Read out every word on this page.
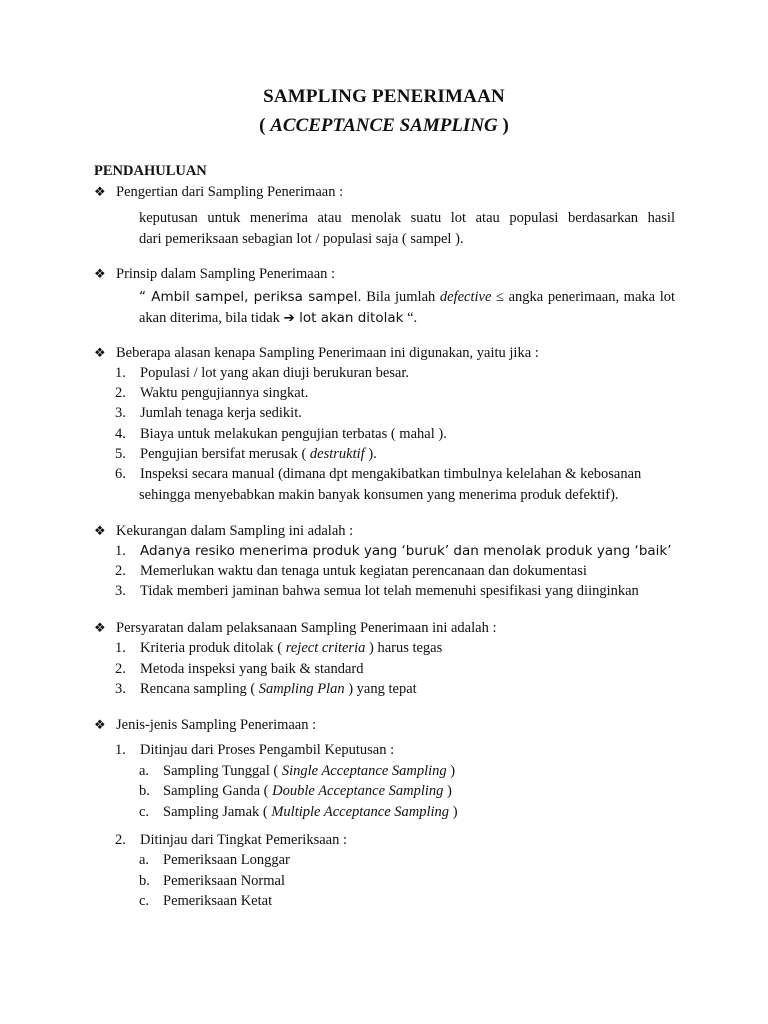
SAMPLING PENERIMAAN
( ACCEPTANCE SAMPLING )
PENDAHULUAN
❖ Pengertian dari Sampling Penerimaan :
keputusan untuk menerima atau menolak suatu lot atau populasi berdasarkan hasil
dari pemeriksaan sebagian lot / populasi saja ( sampel ).
❖ Prinsip dalam Sampling Penerimaan :
“ Ambil sampel, periksa sampel. Bila jumlah defective ≤ angka penerimaan, maka lot
akan diterima, bila tidak ➔ lot akan ditolak “.
❖ Beberapa alasan kenapa Sampling Penerimaan ini digunakan, yaitu jika :
1. Populasi / lot yang akan diuji berukuran besar.
2. Waktu pengujiannya singkat.
3. Jumlah tenaga kerja sedikit.
4. Biaya untuk melakukan pengujian terbatas ( mahal ).
5. Pengujian bersifat merusak ( destruktif ).
6. Inspeksi secara manual (dimana dpt mengakibatkan timbulnya kelelahan & kebosanan
sehingga menyebabkan makin banyak konsumen yang menerima produk defektif).
❖ Kekurangan dalam Sampling ini adalah :
1. Adanya resiko menerima produk yang ‘buruk’ dan menolak produk yang ‘baik’
2. Memerlukan waktu dan tenaga untuk kegiatan perencanaan dan dokumentasi
3. Tidak memberi jaminan bahwa semua lot telah memenuhi spesifikasi yang diinginkan
❖ Persyaratan dalam pelaksanaan Sampling Penerimaan ini adalah :
1. Kriteria produk ditolak ( reject criteria ) harus tegas
2. Metoda inspeksi yang baik & standard
3. Rencana sampling ( Sampling Plan ) yang tepat
❖ Jenis-jenis Sampling Penerimaan :
1. Ditinjau dari Proses Pengambil Keputusan :
a. Sampling Tunggal ( Single Acceptance Sampling )
b. Sampling Ganda ( Double Acceptance Sampling )
c. Sampling Jamak ( Multiple Acceptance Sampling )
2. Ditinjau dari Tingkat Pemeriksaan :
a. Pemeriksaan Longgar
b. Pemeriksaan Normal
c. Pemeriksaan Ketat
